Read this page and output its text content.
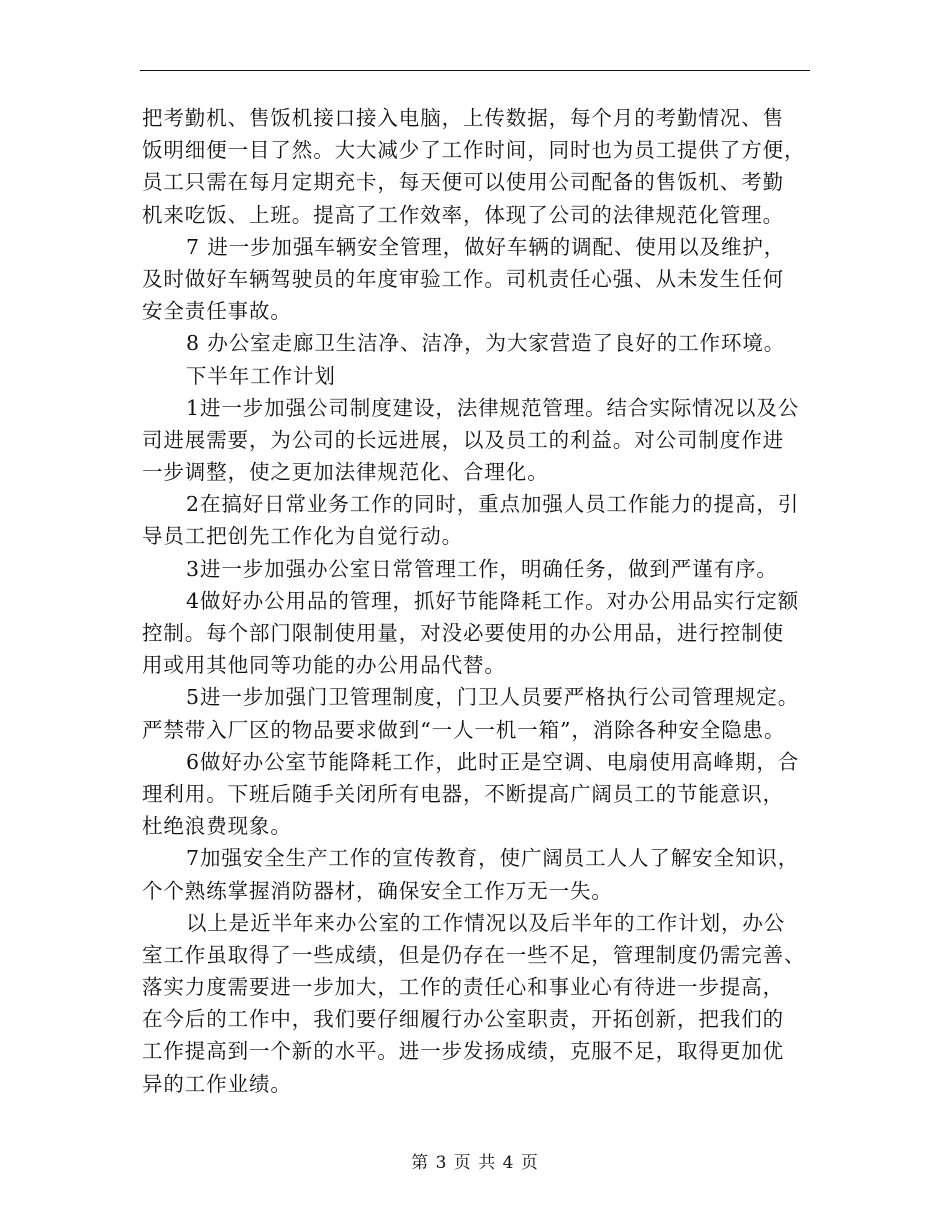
把考勤机、售饭机接口接入电脑，上传数据，每个月的考勤情况、售
饭明细便一目了然。大大减少了工作时间，同时也为员工提供了方便，
员工只需在每月定期充卡，每天便可以使用公司配备的售饭机、考勤
机来吃饭、上班。提高了工作效率，体现了公司的法律规范化管理。
7 进一步加强车辆安全管理，做好车辆的调配、使用以及维护，
及时做好车辆驾驶员的年度审验工作。司机责任心强、从未发生任何
安全责任事故。
8 办公室走廊卫生洁净、洁净，为大家营造了良好的工作环境。
下半年工作计划
1进一步加强公司制度建设，法律规范管理。结合实际情况以及公
司进展需要，为公司的长远进展，以及员工的利益。对公司制度作进
一步调整，使之更加法律规范化、合理化。
2在搞好日常业务工作的同时，重点加强人员工作能力的提高，引
导员工把创先工作化为自觉行动。
3进一步加强办公室日常管理工作，明确任务，做到严谨有序。
4做好办公用品的管理，抓好节能降耗工作。对办公用品实行定额
控制。每个部门限制使用量，对没必要使用的办公用品，进行控制使
用或用其他同等功能的办公用品代替。
5进一步加强门卫管理制度，门卫人员要严格执行公司管理规定。
严禁带入厂区的物品要求做到“一人一机一箱”，消除各种安全隐患。
6做好办公室节能降耗工作，此时正是空调、电扇使用高峰期，合
理利用。下班后随手关闭所有电器，不断提高广阔员工的节能意识，
杜绝浪费现象。
7加强安全生产工作的宣传教育，使广阔员工人人了解安全知识，
个个熟练掌握消防器材，确保安全工作万无一失。
以上是近半年来办公室的工作情况以及后半年的工作计划，办公
室工作虽取得了一些成绩，但是仍存在一些不足，管理制度仍需完善、
落实力度需要进一步加大，工作的责任心和事业心有待进一步提高，
在今后的工作中，我们要仔细履行办公室职责，开拓创新，把我们的
工作提高到一个新的水平。进一步发扬成绩，克服不足，取得更加优
异的工作业绩。
第 3 页 共 4 页
